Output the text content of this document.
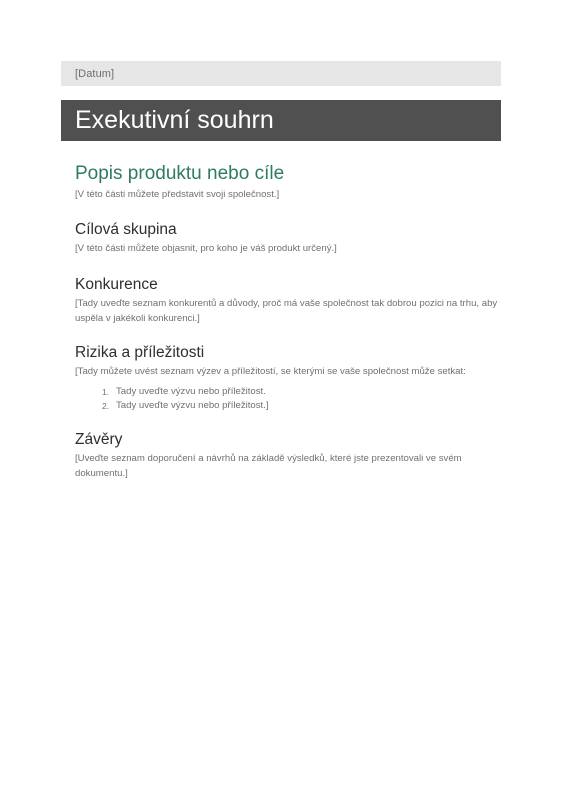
[Datum]
Exekutivní souhrn
Popis produktu nebo cíle

[V této části můžete představit svoji společnost.]

Cílová skupina

[V této části můžete objasnit, pro koho je váš produkt určený.]

Konkurence

[Tady uveďte seznam konkurentů a důvody, proč má vaše společnost tak dobrou pozici na trhu, aby uspěla v jakékoli konkurenci.]

Rizika a příležitosti

[Tady můžete uvést seznam výzev a příležitostí, se kterými se vaše společnost může setkat:

1. Tady uveďte výzvu nebo příležitost.
2. Tady uveďte výzvu nebo příležitost.]
Závěry

[Uveďte seznam doporučení a návrhů na základě výsledků, které jste prezentovali ve svém dokumentu.]
